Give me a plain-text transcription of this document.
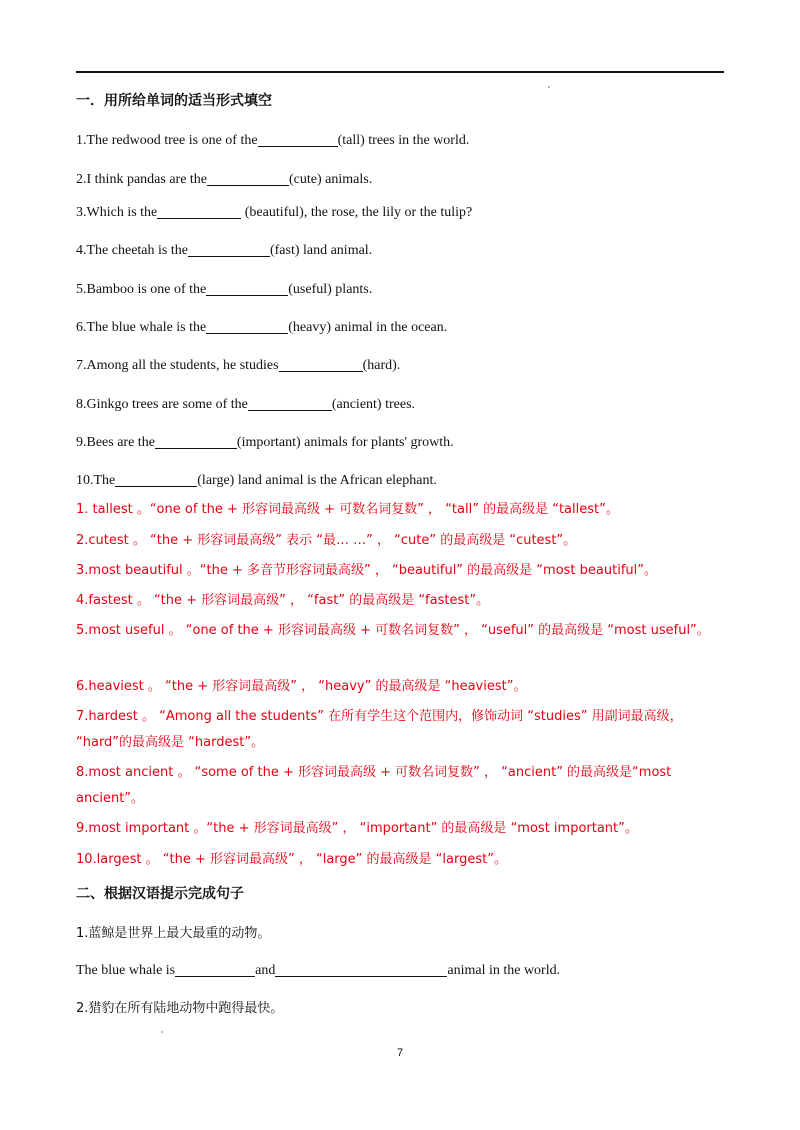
一．用所给单词的适当形式填空
1.The redwood tree is one of the	(tall) trees in the world.
2.I think pandas are the	(cute) animals.
3.Which is the	(beautiful), the rose, the lily or the tulip?
4.The cheetah is the	(fast) land animal.
5.Bamboo is one of the	(useful) plants.
6.The blue whale is the	(heavy) animal in the ocean.
7.Among all the students, he studies	(hard).
8.Ginkgo trees are some of the	(ancient) trees.
9.Bees are the	(important) animals for plants' growth.
10.The	(large) land animal is the African elephant.
1. tallest 。“one of the + 形容词最高级 + 可数名词复数” ， “tall” 的最高级是 “tallest”。
2.cutest 。 “the + 形容词最高级” 表示 “最… …” ， “cute” 的最高级是 “cutest”。
3.most beautiful 。“the + 多音节形容词最高级” ， “beautiful” 的最高级是 “most beautiful”。
4.fastest 。 “the + 形容词最高级” ， “fast” 的最高级是 “fastest”。
5.most useful 。 “one of the + 形容词最高级 + 可数名词复数” ， “useful” 的最高级是 “most useful”。
6.heaviest 。 “the + 形容词最高级” ， “heavy” 的最高级是 “heaviest”。
7.hardest 。 “Among all the students” 在所有学生这个范围内，修饰动词 “studies” 用副词最高级， “hard”的最高级是 “hardest”。
8.most ancient 。 “some of the + 形容词最高级 + 可数名词复数” ， “ancient” 的最高级是“most ancient”。
9.most important 。“the + 形容词最高级” ， “important” 的最高级是 “most important”。
10.largest 。 “the + 形容词最高级” ， “large” 的最高级是 “largest”。
二、根据汉语提示完成句子
1.蓝鲸是世界上最大最重的动物。
The blue whale is	and	animal in the world.
2.猎豹在所有陆地动物中跑得最快。
7
